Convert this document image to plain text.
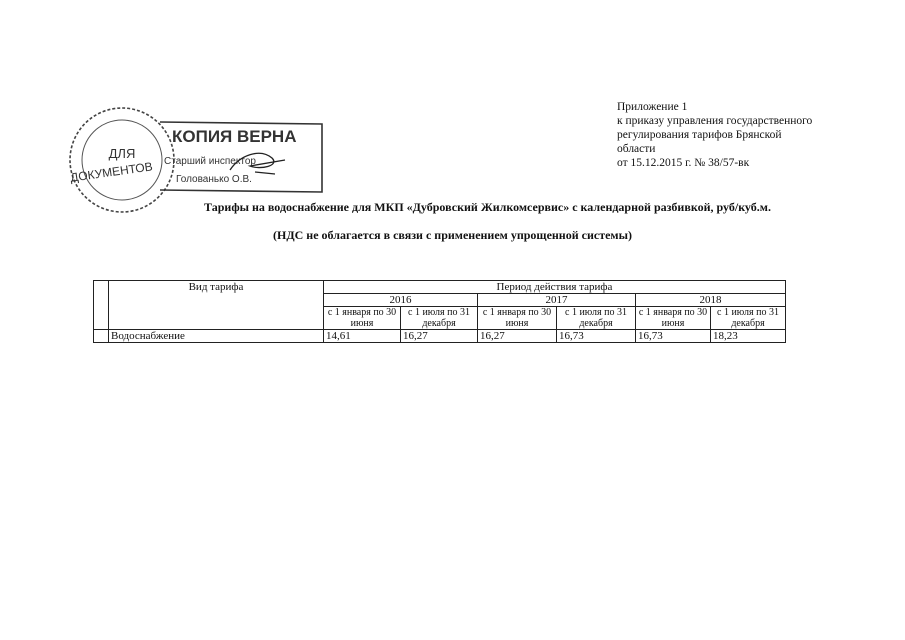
Приложение 1
к приказу управления государственного
регулирования тарифов Брянской
области
от 15.12.2015 г. № 38/57-вк
ДЛЯ
ДОКУМЕНТОВ
КОПИЯ ВЕРНА
Старший инспектор
Голованько О.В.
Тарифы на водоснабжение для МКП «Дубровский Жилкомсервис» с календарной разбивкой, руб/куб.м.
(НДС не облагается в связи с применением упрощенной системы)
	Вид тарифа	Период действия тарифа					
		2016		2017		2018	
		с 1 января по 30 июня	с 1 июля по 31 декабря	с 1 января по 30 июня	с 1 июля по 31 декабря	с 1 января по 30 июня	с 1 июля по 31 декабря
	Водоснабжение	14,61	16,27	16,27	16,73	16,73	18,23
